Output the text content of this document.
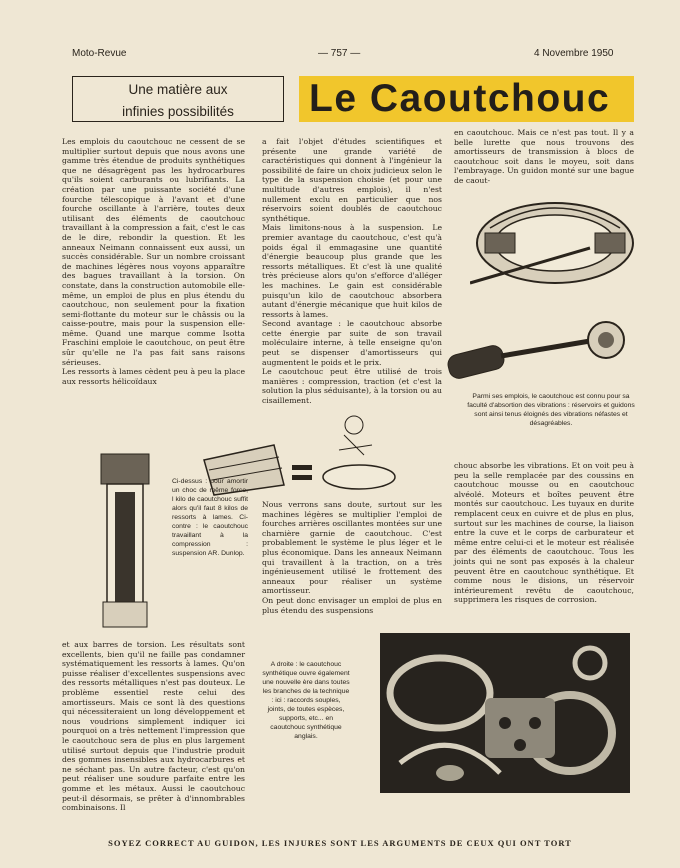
Moto-Revue	— 757 —	4 Novembre 1950
Une matière aux
infinies possibilités	Le Caoutchouc

Les emplois du caoutchouc ne cessent de se multiplier surtout depuis que nous avons une gamme très étendue de produits synthétiques que ne désagrègent pas les hydrocarbures qu'ils soient carburants ou lubrifiants. La création par une puissante société d'une fourche télescopique à l'avant et d'une fourche oscillante à l'arrière, toutes deux utilisant des éléments de caoutchouc travaillant à la compression a fait, c'est le cas de le dire, rebondir la question. Et les anneaux Neimann connaissent eux aussi, un succès considérable. Sur un nombre croissant de machines légères nous voyons apparaître des bagues travaillant à la torsion. On constate, dans la construction automobile elle-même, un emploi de plus en plus étendu du caoutchouc, non seulement pour la fixation semi-flottante du moteur sur le châssis ou la caisse-poutre, mais pour la suspension elle-même. Quand une marque comme Isotta Fraschini emploie le caoutchouc, on peut être sûr qu'elle ne l'a pas fait sans raisons sérieuses.
Les ressorts à lames cèdent peu à peu la place aux ressorts hélicoïdaux

a fait l'objet d'études scientifiques et présente une grande variété de caractéristiques qui donnent à l'ingénieur la possibilité de faire un choix judicieux selon le type de la suspension choisie (et pour une multitude d'autres emplois), il n'est nullement exclu en particulier que nos réservoirs soient doublés de caoutchouc synthétique.
Mais limitons-nous à la suspension. Le premier avantage du caoutchouc, c'est qu'à poids égal il emmagasine une quantité d'énergie beaucoup plus grande que les ressorts métalliques. Et c'est là une qualité très précieuse alors qu'on s'efforce d'alléger les machines. Le gain est considérable puisqu'un kilo de caoutchouc absorbera autant d'énergie mécanique que huit kilos de ressorts à lames.
Second avantage : le caoutchouc absorbe cette énergie par suite de son travail moléculaire interne, à telle enseigne qu'on peut se dispenser d'amortisseurs qui augmentent le poids et le prix.
Le caoutchouc peut être utilisé de trois manières : compression, traction (et c'est la solution la plus séduisante), à la torsion ou au cisaillement.

en caoutchouc. Mais ce n'est pas tout. Il y a belle lurette que nous trouvons des amortisseurs de transmission à blocs de caoutchouc soit dans le moyeu, soit dans l'embrayage. Un guidon monté sur une bague de caout-

Parmi ses emplois, le caoutchouc est connu pour sa faculté d'absortion des vibrations : réservoirs et guidons sont ainsi tenus éloignés des vibrations néfastes et désagréables.

Ci-dessus : pour amortir un choc de même force, l kilo de caoutchouc suffit alors qu'il faut 8 kilos de ressorts à lames. Ci-contre : le caoutchouc travaillant à la compression : suspension AR. Dunlop.

Nous verrons sans doute, surtout sur les machines légères se multiplier l'emploi de fourches arrières oscillantes montées sur une charnière garnie de caoutchouc. C'est probablement le système le plus léger et le plus économique. Dans les anneaux Neimann qui travaillent à la traction, on a très ingénieusement utilisé le frottement des anneaux pour réaliser un système amortisseur.
On peut donc envisager un emploi de plus en plus étendu des suspensions

chouc absorbe les vibrations. Et on voit peu à peu la selle remplacée par des coussins en caoutchouc mousse ou en caoutchouc alvéolé. Moteurs et boîtes peuvent être montés sur caoutchouc. Les tuyaux en durite remplacent ceux en cuivre et de plus en plus, surtout sur les machines de course, la liaison entre la cuve et le corps de carburateur et même entre celui-ci et le moteur est réalisée par des éléments de caoutchouc. Tous les joints qui ne sont pas exposés à la chaleur peuvent être en caoutchouc synthétique. Et comme nous le disions, un réservoir intérieurement revêtu de caoutchouc, supprimera les risques de corrosion.

et aux barres de torsion. Les résultats sont excellents, bien qu'il ne faille pas condamner systématiquement les ressorts à lames. Qu'on puisse réaliser d'excellentes suspensions avec des ressorts métalliques n'est pas douteux. Le problème essentiel reste celui des amortisseurs. Mais ce sont là des questions qui nécessiteraient un long développement et nous voudrions simplement indiquer ici pourquoi on a très nettement l'impression que le caoutchouc sera de plus en plus largement utilisé surtout depuis que l'industrie produit des gommes insensibles aux hydrocarbures et ne séchant pas. Un autre facteur, c'est qu'on peut réaliser une soudure parfaite entre les gomme et les métaux. Aussi le caoutchouc peut-il désormais, se prêter à d'innombrables combinaisons. Il

A droite : le caoutchouc synthétique ouvre également une nouvelle ère dans toutes les branches de la technique : ici : raccords souples, joints, de toutes espèces, supports, etc... en caoutchouc synthétique anglais.

SOYEZ CORRECT AU GUIDON, LES INJURES SONT LES ARGUMENTS DE CEUX QUI ONT TORT
